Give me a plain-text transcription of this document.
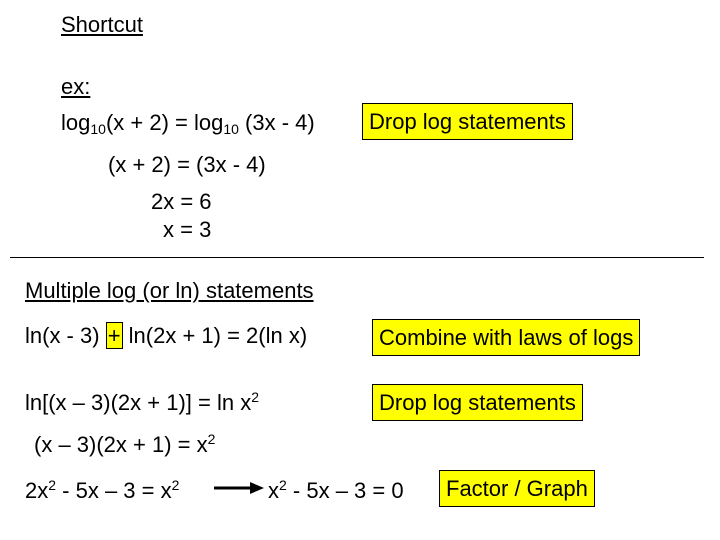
Shortcut
ex:
$\log_{10}(x + 2) = \log_{10} (3x - 4)$	Drop log statements
(x + 2) = (3x - 4)
2x = 6
x = 3
Multiple log (or ln) statements
ln(x - 3) + ln(2x + 1) = 2(ln x)	Combine with laws of logs
$\ln[(x - 3)(2x + 1)] = \ln x^2$	Drop log statements
$(x - 3)(2x + 1) = x^2$
$2x^2 - 5x - 3 = x^2$	$x^2 - 5x - 3 = 0$	Factor / Graph
